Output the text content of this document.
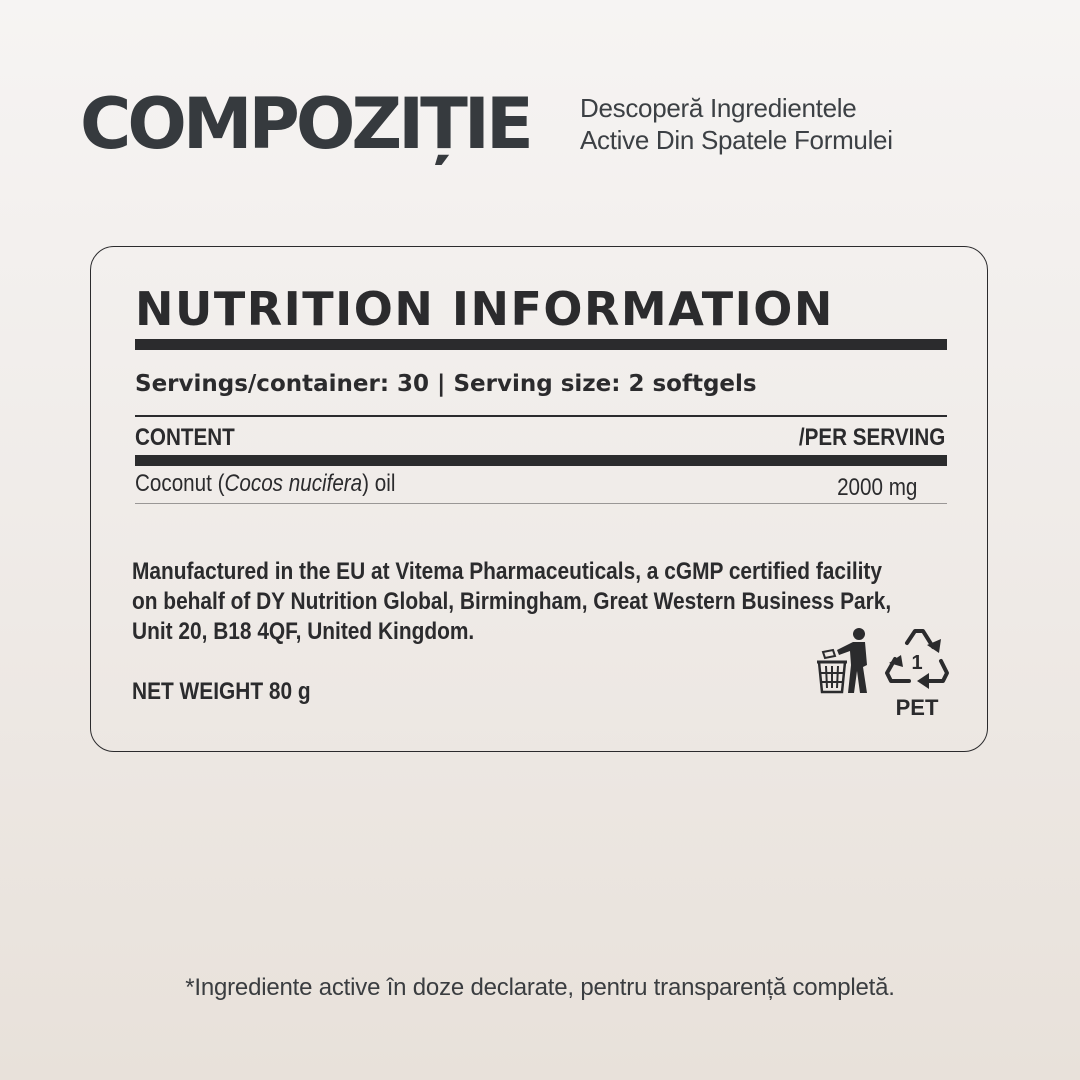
COMPOZIȚIE Descoperă Ingredientele
Active Din Spatele Formulei
NUTRITION INFORMATION
Servings/container: 30 | Serving size: 2 softgels
CONTENT	/PER SERVING
Coconut (Cocos nucifera) oil	2000 mg
Manufactured in the EU at Vitema Pharmaceuticals, a cGMP certified facility
on behalf of DY Nutrition Global, Birmingham, Great Western Business Park,
Unit 20, B18 4QF, United Kingdom.
NET WEIGHT 80 g
1
PET
*Ingrediente active în doze declarate, pentru transparență completă.
